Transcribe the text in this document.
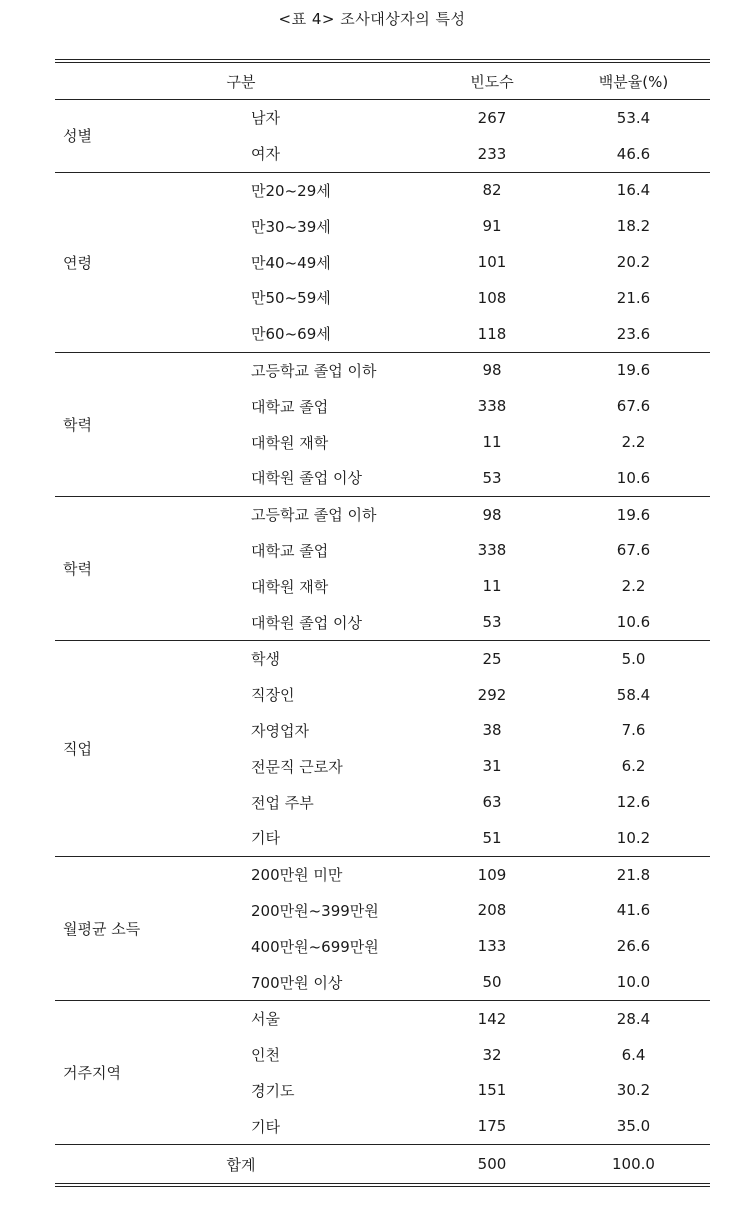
<표 4> 조사대상자의 특성
구분	빈도수	백분율(%)
성별
남자	267	53.4
여자	233	46.6
연령
만20~29세	82	16.4
만30~39세	91	18.2
만40~49세	101	20.2
만50~59세	108	21.6
만60~69세	118	23.6
학력
고등학교 졸업 이하	98	19.6
대학교 졸업	338	67.6
대학원 재학	11	2.2
대학원 졸업 이상	53	10.6
학력
고등학교 졸업 이하	98	19.6
대학교 졸업	338	67.6
대학원 재학	11	2.2
대학원 졸업 이상	53	10.6
직업
학생	25	5.0
직장인	292	58.4
자영업자	38	7.6
전문직 근로자	31	6.2
전업 주부	63	12.6
기타	51	10.2
월평균 소득
200만원 미만	109	21.8
200만원~399만원	208	41.6
400만원~699만원	133	26.6
700만원 이상	50	10.0
거주지역
서울	142	28.4
인천	32	6.4
경기도	151	30.2
기타	175	35.0
합계	500	100.0
